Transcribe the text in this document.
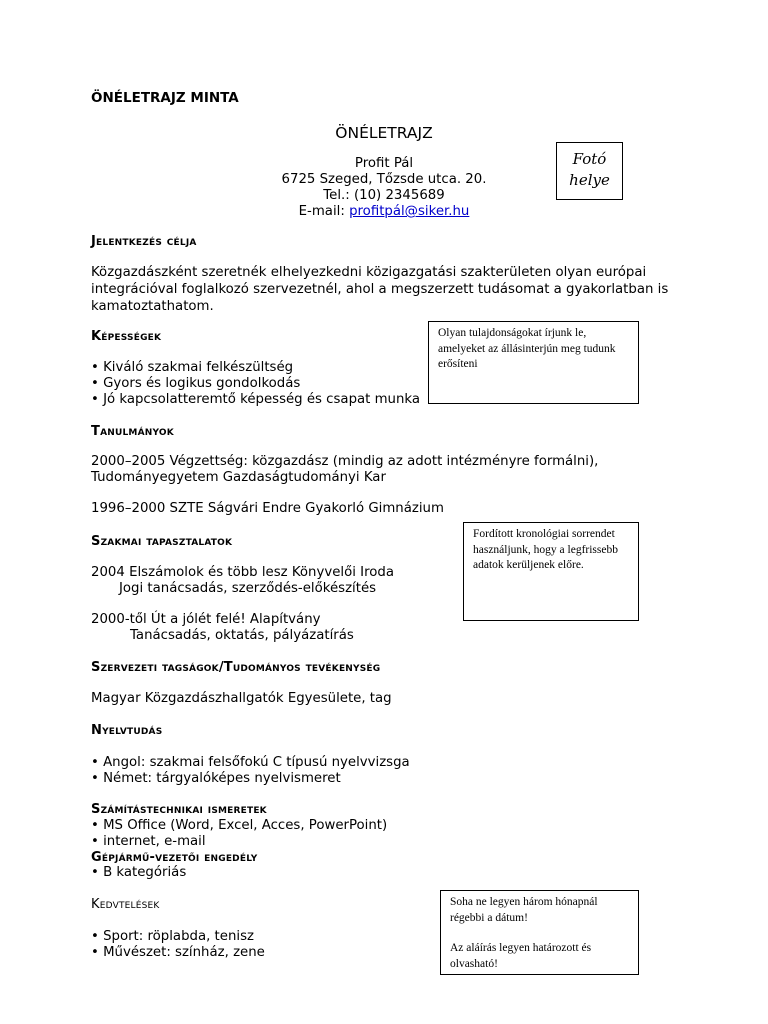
ÖNÉLETRAJZ MINTA
ÖNÉLETRAJZ
Profit Pál
6725 Szeged, Tőzsde utca. 20.
Tel.: (10) 2345689
E-mail: profitpál@siker.hu
Fotó
helye
Jelentkezés célja
Közgazdászként szeretnék elhelyezkedni közigazgatási szakterületen olyan európai integrációval foglalkozó szervezetnél, ahol a megszerzett tudásomat a gyakorlatban is kamatoztathatom.
Képességek
• Kiváló szakmai felkészültség
• Gyors és logikus gondolkodás
• Jó kapcsolatteremtő képesség és csapat munka

Olyan tulajdonságokat írjunk le, amelyeket az állásinterjún meg tudunk erősíteni

Tanulmányok
2000–2005 Végzettség: közgazdász (mindig az adott intézményre formálni),
Tudományegyetem Gazdaságtudományi Kar
1996–2000 SZTE Ságvári Endre Gyakorló Gimnázium
Szakmai tapasztalatok
2004 Elszámolok és több lesz Könyvelői Iroda
Jogi tanácsadás, szerződés-előkészítés
2000-től Út a jólét felé! Alapítvány
Tanácsadás, oktatás, pályázatírás

Fordított kronológiai sorrendet használjunk, hogy a legfrissebb adatok kerüljenek előre.

Szervezeti tagságok/Tudományos tevékenység
Magyar Közgazdászhallgatók Egyesülete, tag
Nyelvtudás
• Angol: szakmai felsőfokú C típusú nyelvvizsga
• Német: tárgyalóképes nyelvismeret
Számítástechnikai ismeretek
• MS Office (Word, Excel, Acces, PowerPoint)
• internet, e-mail
Gépjármű-vezetői engedély
• B kategóriás
Kedvtelések
• Sport: röplabda, tenisz
• Művészet: színház, zene

Soha ne legyen három hónapnál régebbi a dátum!

Az aláírás legyen határozott és olvasható!
